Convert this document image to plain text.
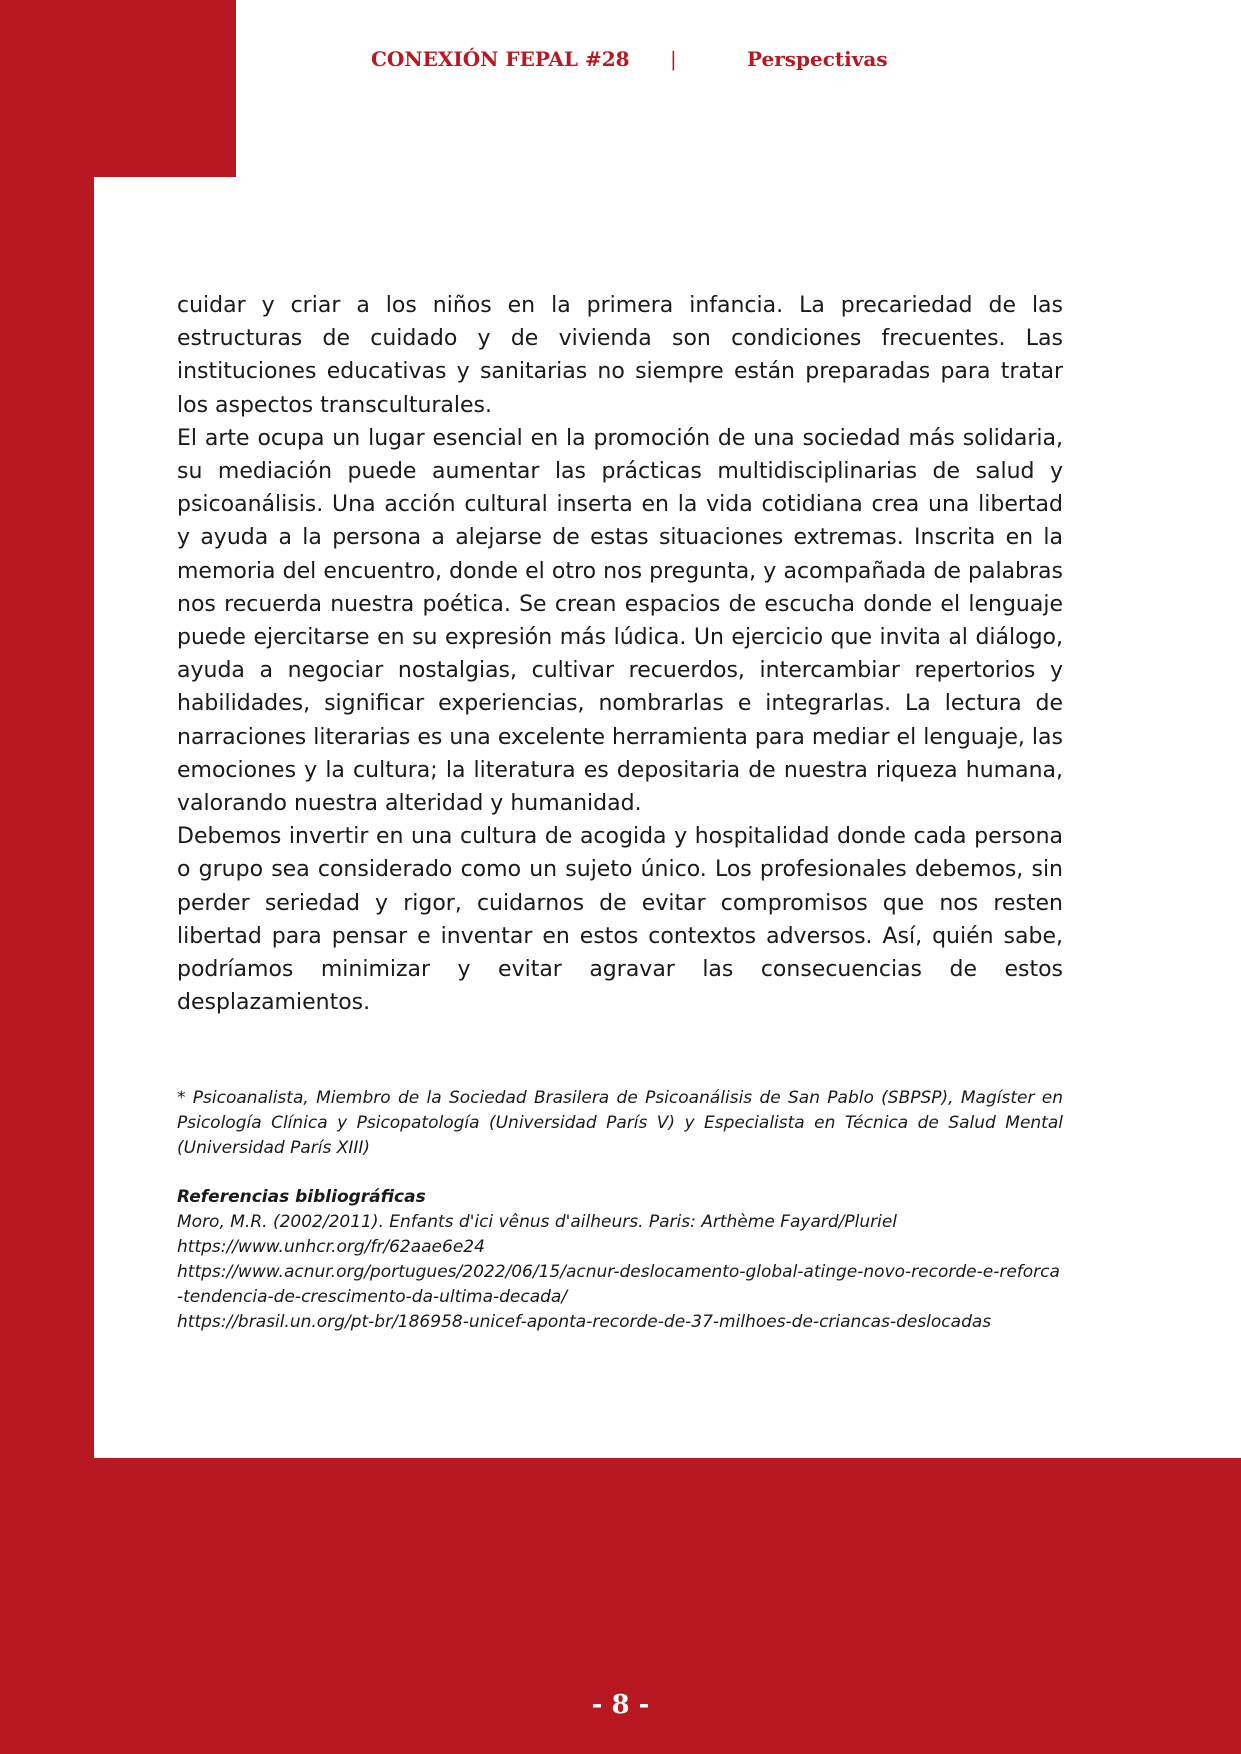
CONEXIÓN FEPAL #28 |	Perspectivas

cuidar y criar a los niños en la primera infancia. La precariedad de las estructuras de cuidado y de vivienda son condiciones frecuentes. Las instituciones educativas y sanitarias no siempre están preparadas para tratar los aspectos transculturales.

El arte ocupa un lugar esencial en la promoción de una sociedad más solidaria, su mediación puede aumentar las prácticas multidisciplinarias de salud y psicoanálisis. Una acción cultural inserta en la vida cotidiana crea una libertad y ayuda a la persona a alejarse de estas situaciones extremas. Inscrita en la memoria del encuentro, donde el otro nos pregunta, y acompañada de palabras nos recuerda nuestra poética. Se crean espacios de escucha donde el lenguaje puede ejercitarse en su expresión más lúdica. Un ejercicio que invita al diálogo, ayuda a negociar nostalgias, cultivar recuerdos, intercambiar repertorios y habilidades, significar experiencias, nombrarlas e integrarlas. La lectura de narraciones literarias es una excelente herramienta para mediar el lenguaje, las emociones y la cultura; la literatura es depositaria de nuestra riqueza humana, valorando nuestra alteridad y humanidad.

Debemos invertir en una cultura de acogida y hospitalidad donde cada persona o grupo sea considerado como un sujeto único. Los profesionales debemos, sin perder seriedad y rigor, cuidarnos de evitar compromisos que nos resten libertad para pensar e inventar en estos contextos adversos. Así, quién sabe, podríamos minimizar y evitar agravar las consecuencias de estos desplazamientos.

* Psicoanalista, Miembro de la Sociedad Brasilera de Psicoanálisis de San Pablo (SBPSP), Magíster en Psicología Clínica y Psicopatología (Universidad París V) y Especialista en Técnica de Salud Mental (Universidad París XIII)
Referencias bibliográficas
Moro, M.R. (2002/2011). Enfants d'ici vênus d'ailheurs. Paris: Arthème Fayard/Pluriel
https://www.unhcr.org/fr/62aae6e24
https://www.acnur.org/portugues/2022/06/15/acnur-deslocamento-global-atinge-novo-recorde-e-reforca-tendencia-de-crescimento-da-ultima-decada/
https://brasil.un.org/pt-br/186958-unicef-aponta-recorde-de-37-milhoes-de-criancas-deslocadas
- 8 -
